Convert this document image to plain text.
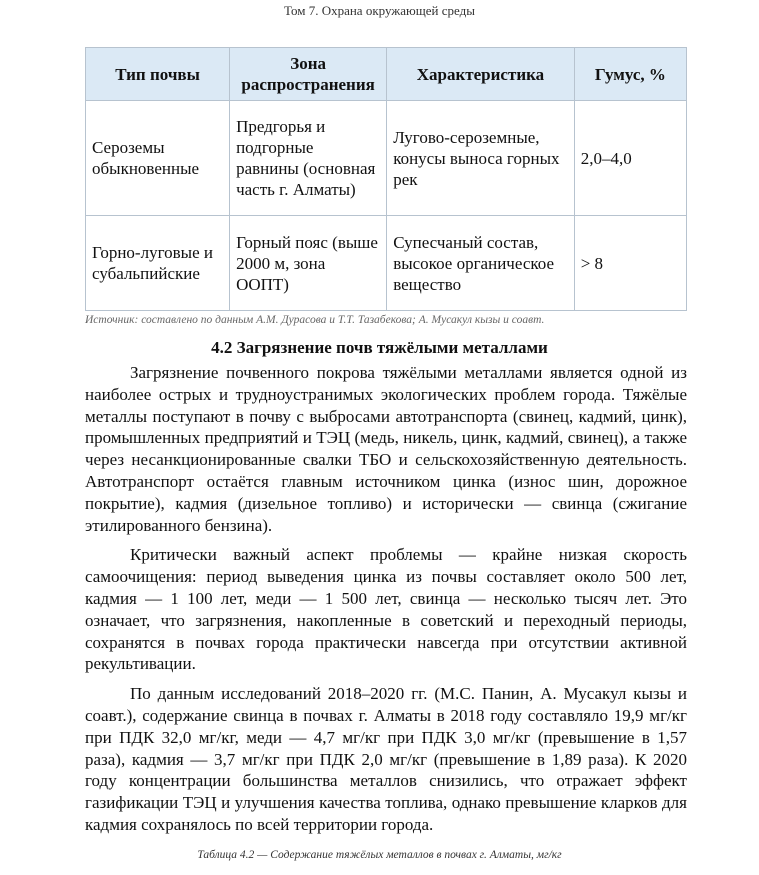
Том 7. Охрана окружающей среды
Тип почвы	Зона распространения	Характеристика	Гумус, %
Сероземы обыкновенные	Предгорья и подгорные равнины (основная часть г. Алматы)	Лугово-сероземные, конусы выноса горных рек	2,0–4,0
Горно-луговые и субальпийские	Горный пояс (выше 2000 м, зона ООПТ)	Супесчаный состав, высокое органическое вещество	> 8
Источник: составлено по данным А.М. Дурасова и Т.Т. Тазабекова; А. Мусакул кызы и соавт.
4.2 Загрязнение почв тяжёлыми металлами

Загрязнение почвенного покрова тяжёлыми металлами является одной из наиболее острых и трудноустранимых экологических проблем города. Тяжёлые металлы поступают в почву с выбросами автотранспорта (свинец, кадмий, цинк), промышленных предприятий и ТЭЦ (медь, никель, цинк, кадмий, свинец), а также через несанкционированные свалки ТБО и сельскохозяйственную деятельность. Автотранспорт остаётся главным источником цинка (износ шин, дорожное покрытие), кадмия (дизельное топливо) и исторически — свинца (сжигание этилированного бензина).

Критически важный аспект проблемы — крайне низкая скорость самоочищения: период выведения цинка из почвы составляет около 500 лет, кадмия — 1 100 лет, меди — 1 500 лет, свинца — несколько тысяч лет. Это означает, что загрязнения, накопленные в советский и переходный периоды, сохранятся в почвах города практически навсегда при отсутствии активной рекультивации.

По данным исследований 2018–2020 гг. (М.С. Панин, А. Мусакул кызы и соавт.), содержание свинца в почвах г. Алматы в 2018 году составляло 19,9 мг/кг при ПДК 32,0 мг/кг, меди — 4,7 мг/кг при ПДК 3,0 мг/кг (превышение в 1,57 раза), кадмия — 3,7 мг/кг при ПДК 2,0 мг/кг (превышение в 1,89 раза). К 2020 году концентрации большинства металлов снизились, что отражает эффект газификации ТЭЦ и улучшения качества топлива, однако превышение кларков для кадмия сохранялось по всей территории города.

Таблица 4.2 — Содержание тяжёлых металлов в почвах г. Алматы, мг/кг
